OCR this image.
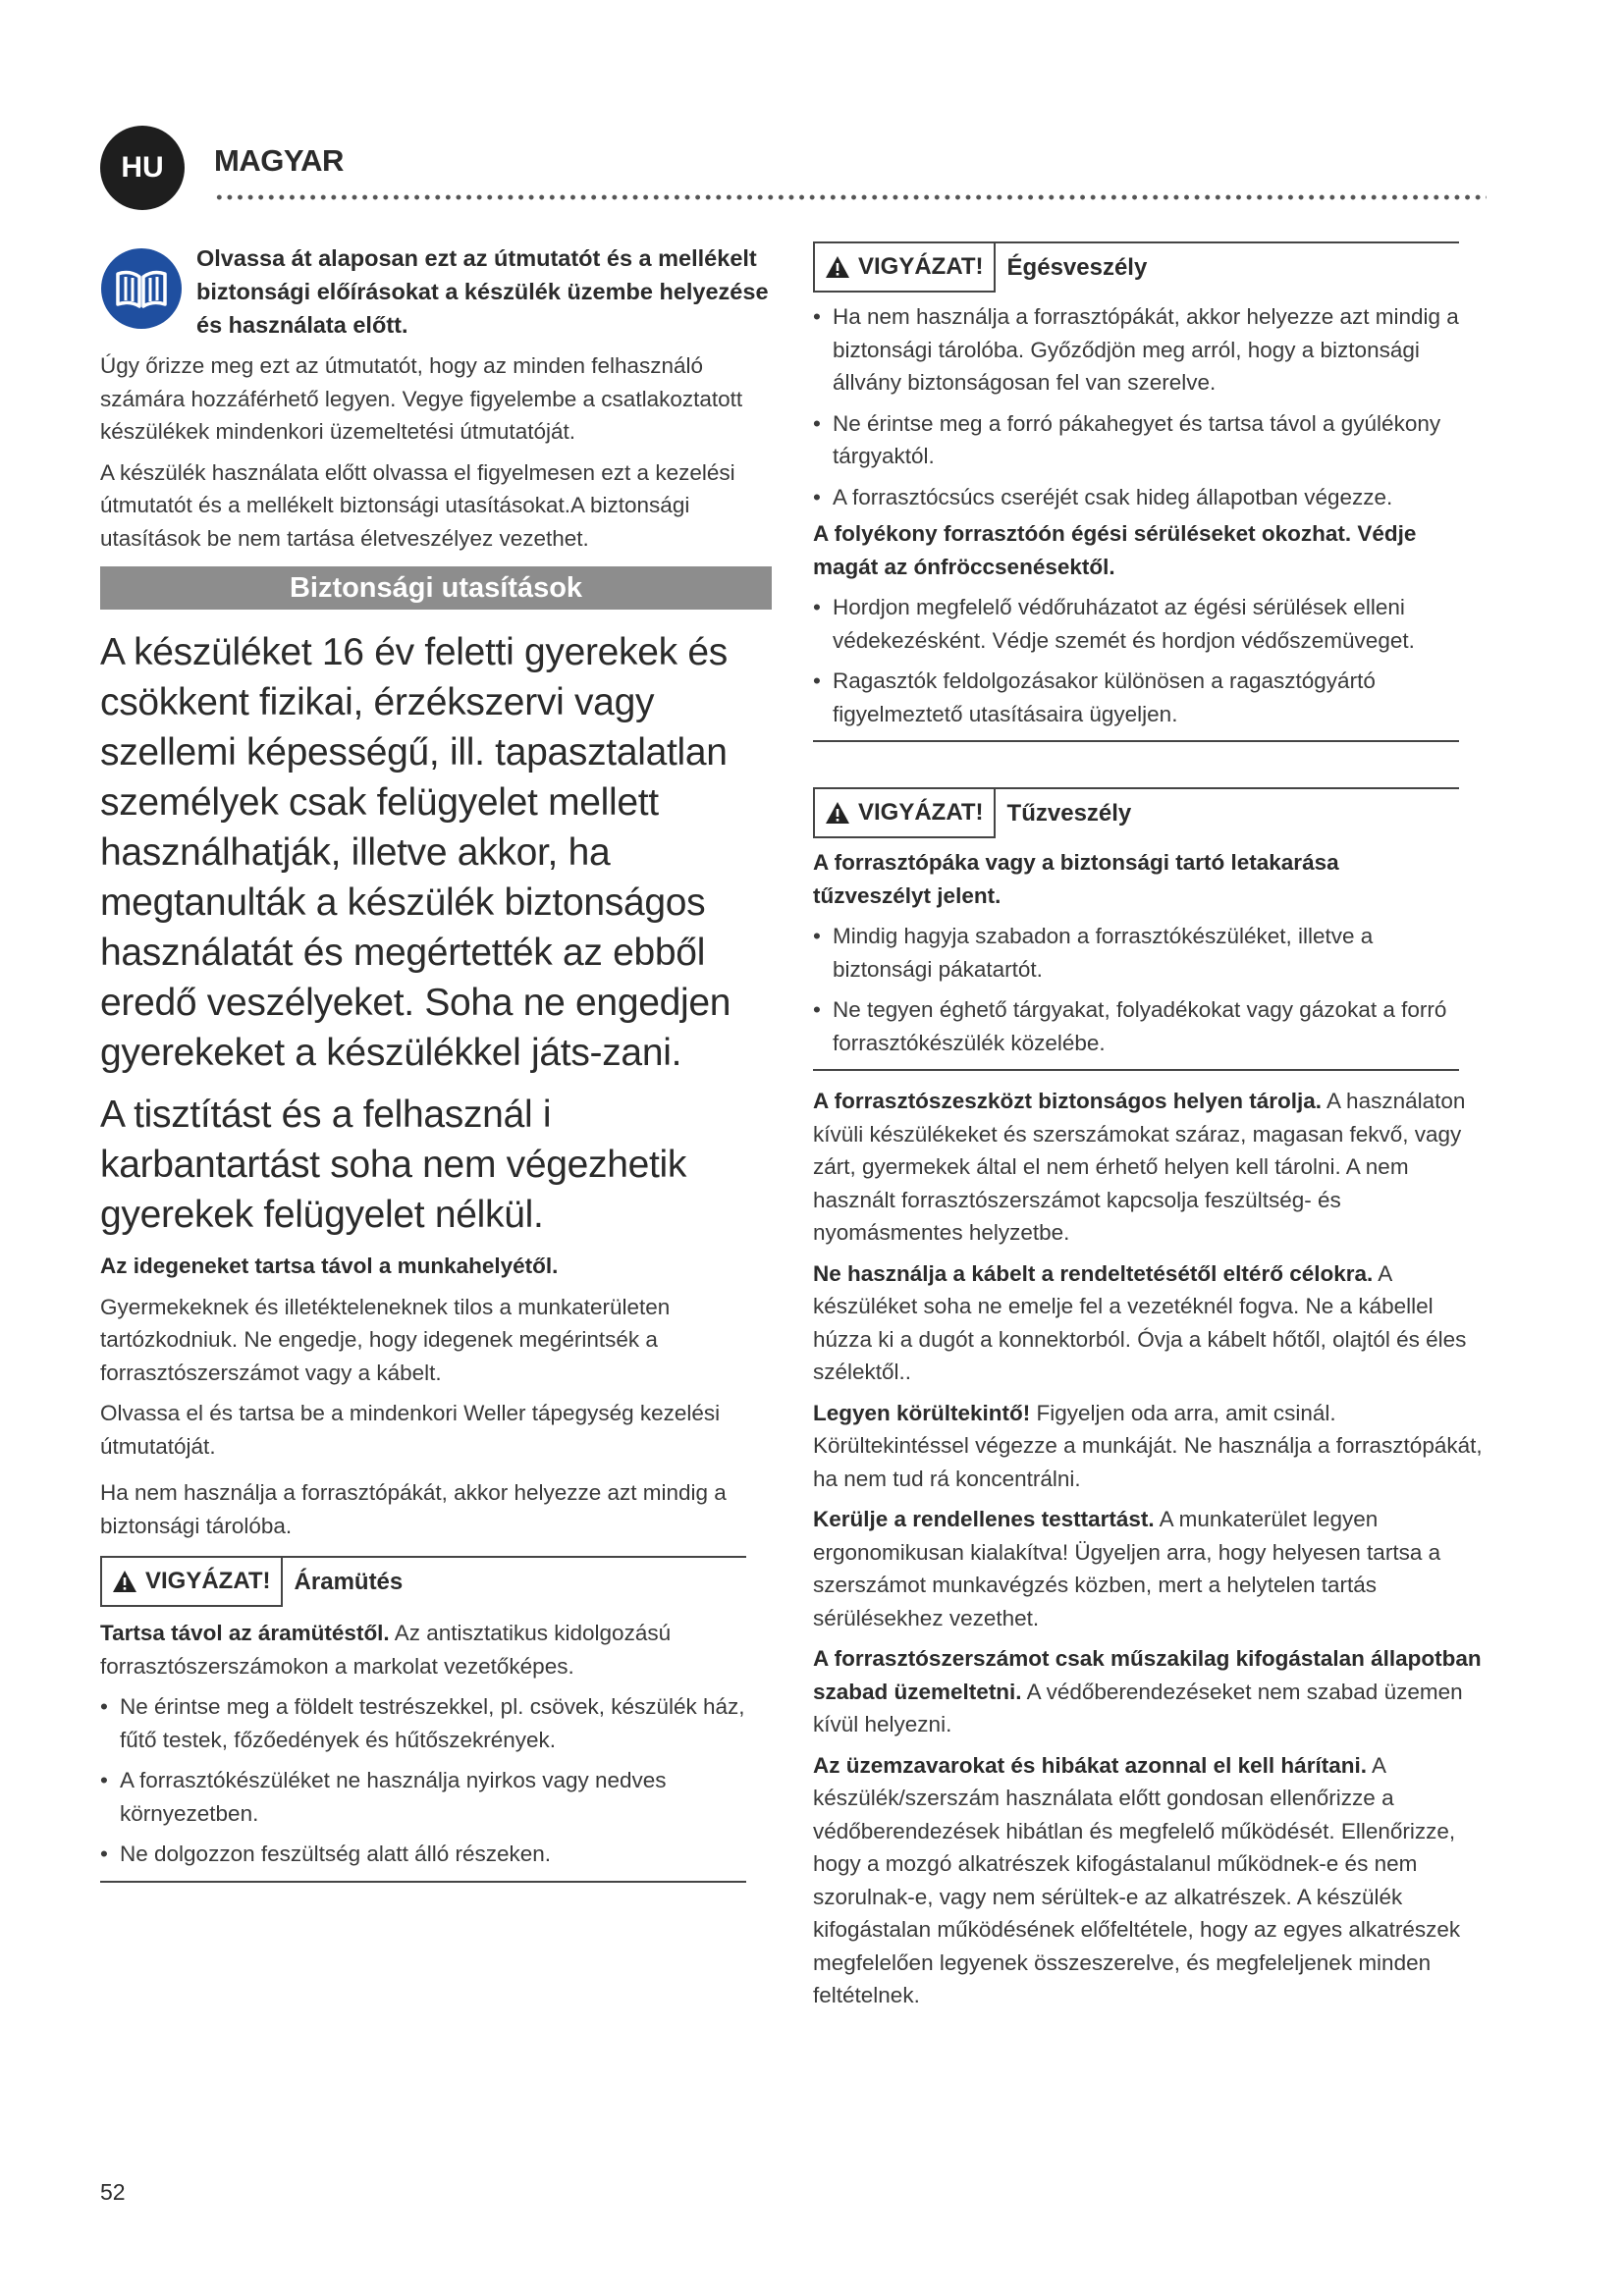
HU MAGYAR

Olvassa át alaposan ezt az útmutatót és a mellékelt biztonsági előírásokat a készülék üzembe helyezése és használata előtt.

Úgy őrizze meg ezt az útmutatót, hogy az minden felhasználó számára hozzáférhető legyen. Vegye figyelembe a csatlakoztatott készülékek mindenkori üzemeltetési útmutatóját.

A készülék használata előtt olvassa el figyelmesen ezt a kezelési útmutatót és a mellékelt biztonsági utasításokat.A biztonsági utasítások be nem tartása életveszélyez vezethet.

Biztonsági utasítások

A készüléket 16 év feletti gyerekek és csökkent fizikai, érzékszervi vagy szellemi képességű, ill. tapasztalatlan személyek csak felügyelet mellett használhatják, illetve akkor, ha megtanulták a készülék biztonságos használatát és megértették az ebből eredő veszélyeket. Soha ne engedjen gyerekeket a készülékkel játs-zani.

A tisztítást és a felhasznál i karbantartást soha nem végezhetik gyerekek felügyelet nélkül.

Az idegeneket tartsa távol a munkahelyétől.

Gyermekeknek és illetékteleneknek tilos a munkaterületen tartózkodniuk. Ne engedje, hogy idegenek megérintsék a forrasztószerszámot vagy a kábelt.

Olvassa el és tartsa be a mindenkori Weller tápegység kezelési útmutatóját.

Ha nem használja a forrasztópákát, akkor helyezze azt mindig a biztonsági tárolóba.

VIGYÁZAT! Áramütés

Tartsa távol az áramütéstől. Az antisztatikus kidolgozású forrasztószerszámokon a markolat vezetőképes.

• Ne érintse meg a földelt testrészekkel, pl. csövek, készülék ház, fűtő testek, főzőedények és hűtőszekrények.
• A forrasztókészüléket ne használja nyirkos vagy nedves környezetben.
• Ne dolgozzon feszültség alatt álló részeken.
VIGYÁZAT! Égésveszély
• Ha nem használja a forrasztópákát, akkor helyezze azt mindig a biztonsági tárolóba. Győződjön meg arról, hogy a biztonsági állvány biztonságosan fel van szerelve.
• Ne érintse meg a forró pákahegyet és tartsa távol a gyúlékony tárgyaktól.
• A forrasztócsúcs cseréjét csak hideg állapotban végezze.

A folyékony forrasztóón égési sérüléseket okozhat. Védje magát az ónfröccsenésektől.

• Hordjon megfelelő védőruházatot az égési sérülések elleni védekezésként. Védje szemét és hordjon védőszemüveget.
• Ragasztók feldolgozásakor különösen a ragasztógyártó figyelmeztető utasításaira ügyeljen.
VIGYÁZAT! Tűzveszély

A forrasztópáka vagy a biztonsági tartó letakarása tűzveszélyt jelent.

• Mindig hagyja szabadon a forrasztókészüléket, illetve a biztonsági pákatartót.
• Ne tegyen éghető tárgyakat, folyadékokat vagy gázokat a forró forrasztókészülék közelébe.

A forrasztószeszközt biztonságos helyen tárolja. A használaton kívüli készülékeket és szerszámokat száraz, magasan fekvő, vagy zárt, gyermekek által el nem érhető helyen kell tárolni. A nem használt forrasztószerszámot kapcsolja feszültség- és nyomásmentes helyzetbe.

Ne használja a kábelt a rendeltetésétől eltérő célokra. A készüléket soha ne emelje fel a vezetéknél fogva. Ne a kábellel húzza ki a dugót a konnektorból. Óvja a kábelt hőtől, olajtól és éles szélektől..

Legyen körültekintő! Figyeljen oda arra, amit csinál. Körültekintéssel végezze a munkáját. Ne használja a forrasztópákát, ha nem tud rá koncentrálni.

Kerülje a rendellenes testtartást. A munkaterület legyen ergonomikusan kialakítva! Ügyeljen arra, hogy helyesen tartsa a szerszámot munkavégzés közben, mert a helytelen tartás sérülésekhez vezethet.

A forrasztószerszámot csak műszakilag kifogástalan állapotban szabad üzemeltetni. A védőberendezéseket nem szabad üzemen kívül helyezni.

Az üzemzavarokat és hibákat azonnal el kell hárítani. A készülék/szerszám használata előtt gondosan ellenőrizze a védőberendezések hibátlan és megfelelő működését. Ellenőrizze, hogy a mozgó alkatrészek kifogástalanul működnek-e és nem szorulnak-e, vagy nem sérültek-e az alkatrészek. A készülék kifogástalan működésének előfeltétele, hogy az egyes alkatrészek megfelelően legyenek összeszerelve, és megfeleljenek minden feltételnek.

52
